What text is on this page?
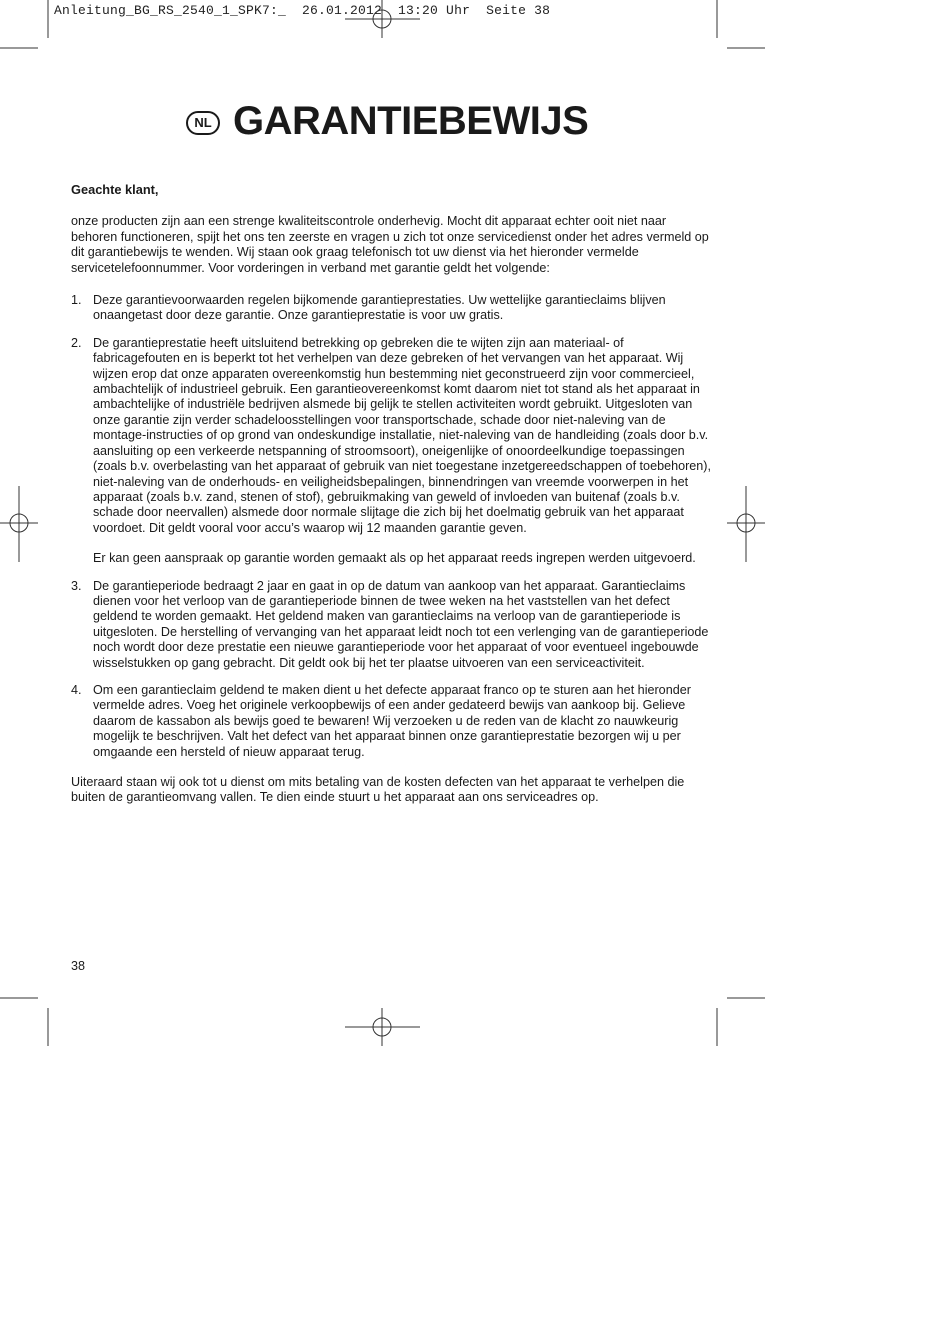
Anleitung_BG_RS_2540_1_SPK7:_  26.01.2012  13:20 Uhr  Seite 38
NL GARANTIEBEWIJS

Geachte klant,

onze producten zijn aan een strenge kwaliteitscontrole onderhevig. Mocht dit apparaat echter ooit niet naar behoren functioneren, spijt het ons ten zeerste en vragen u zich tot onze servicedienst onder het adres vermeld op dit garantiebewijs te wenden. Wij staan ook graag telefonisch tot uw dienst via het hieronder vermelde servicetelefoonnummer. Voor vorderingen in verband met garantie geldt het volgende:

1. Deze garantievoorwaarden regelen bijkomende garantieprestaties. Uw wettelijke garantieclaims blijven onaangetast door deze garantie. Onze garantieprestatie is voor uw gratis.

2. De garantieprestatie heeft uitsluitend betrekking op gebreken die te wijten zijn aan materiaal- of fabricagefouten en is beperkt tot het verhelpen van deze gebreken of het vervangen van het apparaat. Wij wijzen erop dat onze apparaten overeenkomstig hun bestemming niet geconstrueerd zijn voor commercieel, ambachtelijk of industrieel gebruik. Een garantieovereenkomst komt daarom niet tot stand als het apparaat in ambachtelijke of industriële bedrijven alsmede bij gelijk te stellen activiteiten wordt gebruikt. Uitgesloten van onze garantie zijn verder schadeloosstellingen voor transportschade, schade door niet-naleving van de montage-instructies of op grond van ondeskundige installatie, niet-naleving van de handleiding (zoals door b.v. aansluiting op een verkeerde netspanning of stroomsoort), oneigenlijke of onoordeelkundige toepassingen (zoals b.v. overbelasting van het apparaat of gebruik van niet toegestane inzetgereedschappen of toebehoren), niet-naleving van de onderhouds- en veiligheidsbepalingen, binnendringen van vreemde voorwerpen in het apparaat (zoals b.v. zand, stenen of stof), gebruikmaking van geweld of invloeden van buitenaf (zoals b.v. schade door neervallen) alsmede door normale slijtage die zich bij het doelmatig gebruik van het apparaat voordoet. Dit geldt vooral voor accu’s waarop wij 12 maanden garantie geven.

Er kan geen aanspraak op garantie worden gemaakt als op het apparaat reeds ingrepen werden uitgevoerd.

3. De garantieperiode bedraagt 2 jaar en gaat in op de datum van aankoop van het apparaat. Garantieclaims dienen voor het verloop van de garantieperiode binnen de twee weken na het vaststellen van het defect geldend te worden gemaakt. Het geldend maken van garantieclaims na verloop van de garantieperiode is uitgesloten. De herstelling of vervanging van het apparaat leidt noch tot een verlenging van de garantieperiode noch wordt door deze prestatie een nieuwe garantieperiode voor het apparaat of voor eventueel ingebouwde wisselstukken op gang gebracht. Dit geldt ook bij het ter plaatse uitvoeren van een serviceactiviteit.

4. Om een garantieclaim geldend te maken dient u het defecte apparaat franco op te sturen aan het hieronder vermelde adres. Voeg het originele verkoopbewijs of een ander gedateerd bewijs van aankoop bij. Gelieve daarom de kassabon als bewijs goed te bewaren! Wij verzoeken u de reden van de klacht zo nauwkeurig mogelijk te beschrijven. Valt het defect van het apparaat binnen onze garantieprestatie bezorgen wij u per omgaande een hersteld of nieuw apparaat terug.

Uiteraard staan wij ook tot u dienst om mits betaling van de kosten defecten van het apparaat te verhelpen die buiten de garantieomvang vallen. Te dien einde stuurt u het apparaat aan ons serviceadres op.

38
